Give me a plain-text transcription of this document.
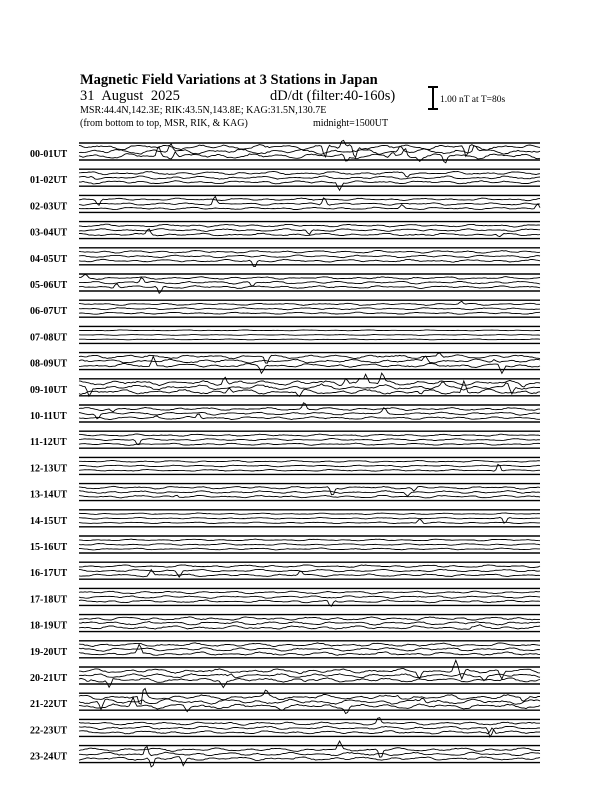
Magnetic Field Variations at 3 Stations in Japan
31 August 2025	dD/dt (filter:40-160s)
MSR:44.4N,142.3E; RIK:43.5N,143.8E; KAG:31.5N,130.7E
(from bottom to top, MSR, RIK, & KAG)	midnight=1500UT
1.00 nT at T=80s
00-01UT
01-02UT
02-03UT
03-04UT
04-05UT
05-06UT
06-07UT
07-08UT
08-09UT
09-10UT
10-11UT
11-12UT
12-13UT
13-14UT
14-15UT
15-16UT
16-17UT
17-18UT
18-19UT
19-20UT
20-21UT
21-22UT
22-23UT
23-24UT
